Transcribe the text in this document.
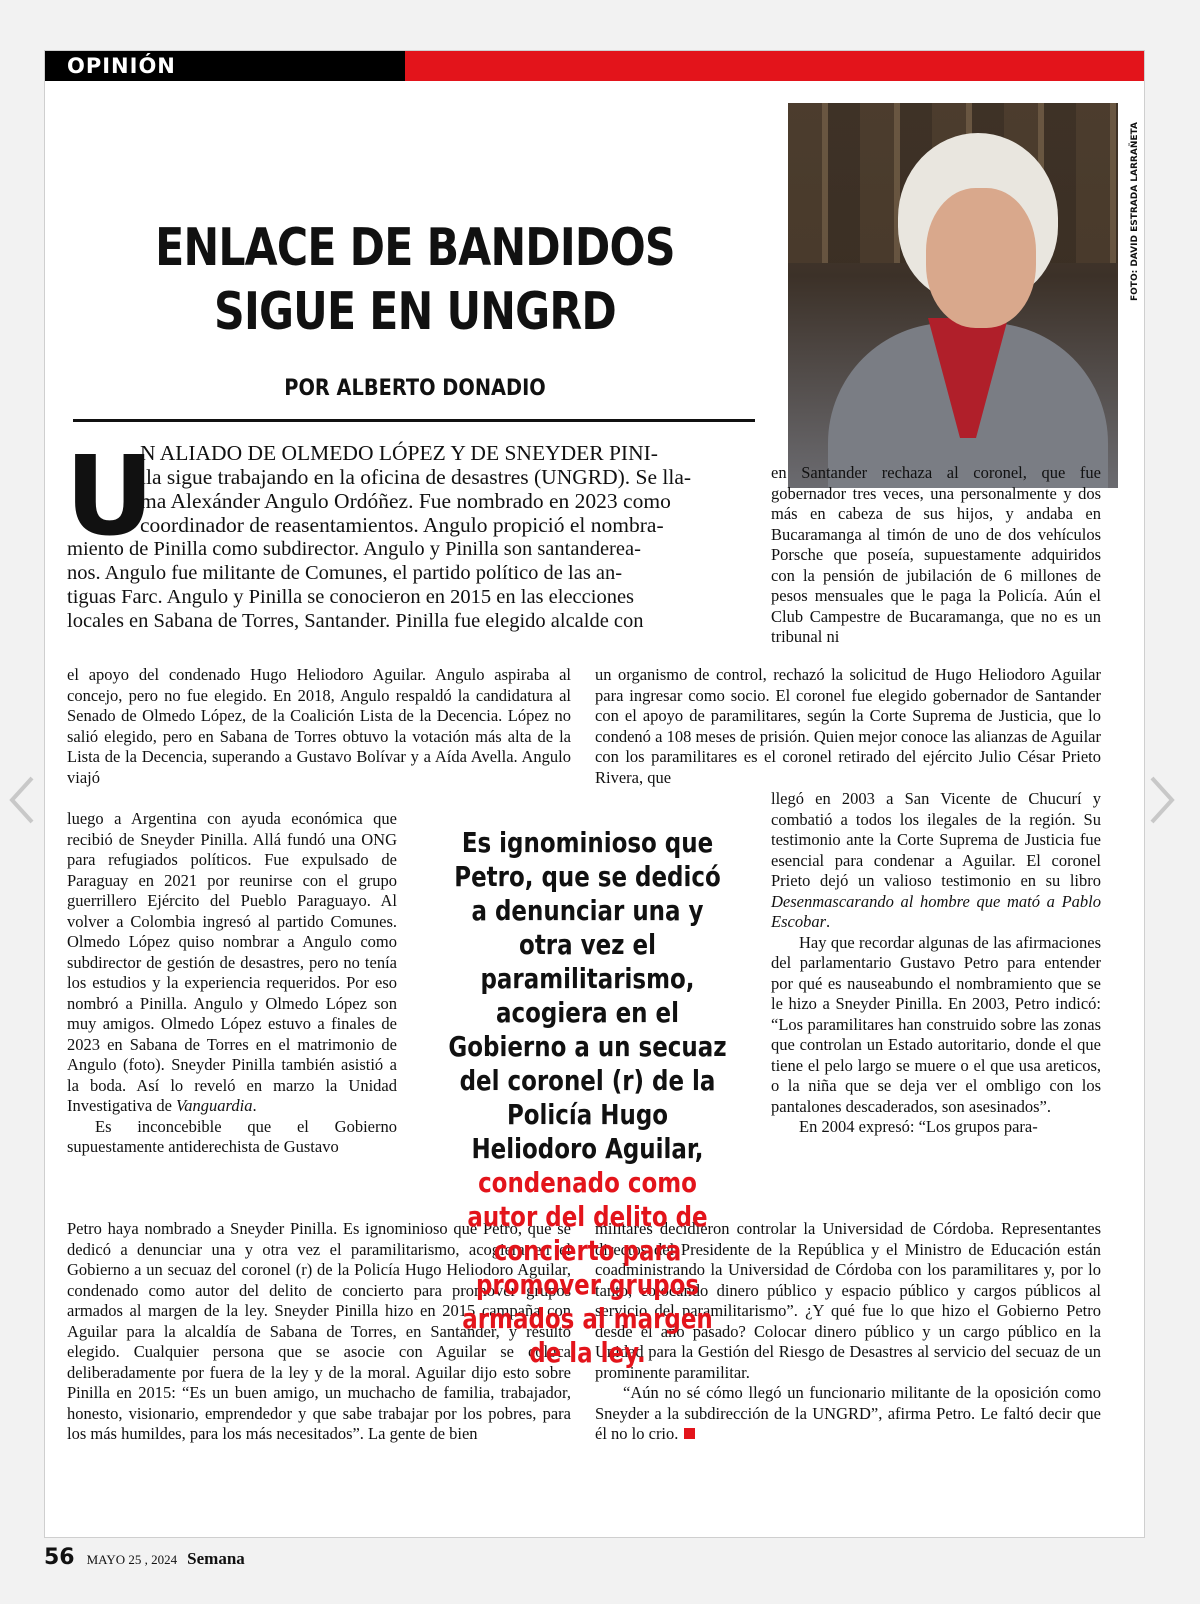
OPINIÓN
ENLACE DE BANDIDOS
SIGUE EN UNGRD
POR ALBERTO DONADIO
FOTO: DAVID ESTRADA LARRAÑETA
U
N ALIADO DE OLMEDO LÓPEZ Y DE SNEYDER PINI-
lla sigue trabajando en la oficina de desastres (UNGRD). Se lla-
ma Alexánder Angulo Ordóñez. Fue nombrado en 2023 como
coordinador de reasentamientos. Angulo propició el nombra-
miento de Pinilla como subdirector. Angulo y Pinilla son santandereа-
nos. Angulo fue militante de Comunes, el partido político de las an-
tiguas Farc. Angulo y Pinilla se conocieron en 2015 en las elecciones
locales en Sabana de Torres, Santander. Pinilla fue elegido alcalde con

el apoyo del condenado Hugo Heliodoro Aguilar. Angulo aspiraba al concejo, pero no fue elegido. En 2018, Angulo respaldó la candidatura al Senado de Olmedo López, de la Coalición Lista de la Decencia. López no salió elegido, pero en Sabana de Torres obtuvo la votación más alta de la Lista de la Decencia, superando a Gustavo Bolívar y a Aída Avella. Angulo viajó

luego a Argentina con ayuda económica que recibió de Sneyder Pinilla. Allá fundó una ONG para refugiados políticos. Fue expulsado de Paraguay en 2021 por reunirse con el grupo guerrillero Ejército del Pueblo Paraguayo. Al volver a Colombia ingresó al partido Comunes. Olmedo López quiso nombrar a Angulo como subdirector de gestión de desastres, pero no tenía los estudios y la experiencia requeridos. Por eso nombró a Pinilla. Angulo y Olmedo López son muy amigos. Olmedo López estuvo a finales de 2023 en Sabana de Torres en el matrimonio de Angulo (foto). Sneyder Pinilla también asistió a la boda. Así lo reveló en marzo la Unidad Investigativa de Vanguardia.

Es inconcebible que el Gobierno supuestamente antiderechista de Gustavo

Petro haya nombrado a Sneyder Pinilla. Es ignominioso que Petro, que se dedicó a denunciar una y otra vez el paramilitarismo, acogiera en el Gobierno a un secuaz del coronel (r) de la Policía Hugo Heliodoro Aguilar, condenado como autor del delito de concierto para promover grupos armados al margen de la ley. Sneyder Pinilla hizo en 2015 campaña con Aguilar para la alcaldía de Sabana de Torres, en Santander, y resultó elegido. Cualquier persona que se asocie con Aguilar se coloca deliberadamente por fuera de la ley y de la moral. Aguilar dijo esto sobre Pinilla en 2015: “Es un buen amigo, un muchacho de familia, trabajador, honesto, visionario, emprendedor y que sabe trabajar por los pobres, para los más humildes, para los más necesitados”. La gente de bien

en Santander rechaza al coronel, que fue gobernador tres veces, una personalmente y dos más en cabeza de sus hijos, y andaba en Bucaramanga al timón de uno de dos vehículos Porsche que poseía, supuestamente adquiridos con la pensión de jubilación de 6 millones de pesos mensuales que le paga la Policía. Aún el Club Campestre de Bucaramanga, que no es un tribunal ni

un organismo de control, rechazó la solicitud de Hugo Heliodoro Aguilar para ingresar como socio. El coronel fue elegido gobernador de Santander con el apoyo de paramilitares, según la Corte Suprema de Justicia, que lo condenó a 108 meses de prisión. Quien mejor conoce las alianzas de Aguilar con los paramilitares es el coronel retirado del ejército Julio César Prieto Rivera, que

llegó en 2003 a San Vicente de Chucurí y combatió a todos los ilegales de la región. Su testimonio ante la Corte Suprema de Justicia fue esencial para condenar a Aguilar. El coronel Prieto dejó un valioso testimonio en su libro Desenmascarando al hombre que mató a Pablo Escobar.

Hay que recordar algunas de las afirmaciones del parlamentario Gustavo Petro para entender por qué es nauseabundo el nombramiento que se le hizo a Sneyder Pinilla. En 2003, Petro indicó: “Los paramilitares han construido sobre las zonas que controlan un Estado autoritario, donde el que tiene el pelo largo se muere o el que usa areticos, o la niña que se deja ver el ombligo con los pantalones descaderados, son asesinados”.

En 2004 expresó: “Los grupos para-

militares decidieron controlar la Universidad de Córdoba. Representantes directos del Presidente de la República y el Ministro de Educación están coadministrando la Universidad de Córdoba con los paramilitares y, por lo tanto, colocando dinero público y espacio público y cargos públicos al servicio del paramilitarismo”. ¿Y qué fue lo que hizo el Gobierno Petro desde el año pasado? Colocar dinero público y un cargo público en la Unidad para la Gestión del Riesgo de Desastres al servicio del secuaz de un prominente paramilitar.

“Aún no sé cómo llegó un funcionario militante de la oposición como Sneyder a la subdirección de la UNGRD”, afirma Petro. Le faltó decir que él no lo crio.

Es ignominioso que Petro, que se dedicó a denunciar una y otra vez el paramilitarismo, acogiera en el Gobierno a un secuaz del coronel (r) de la Policía Hugo Heliodoro Aguilar,
condenado como autor del delito de concierto para promover grupos armados al margen de la ley.
56 MAYO 25 , 2024 Semana
